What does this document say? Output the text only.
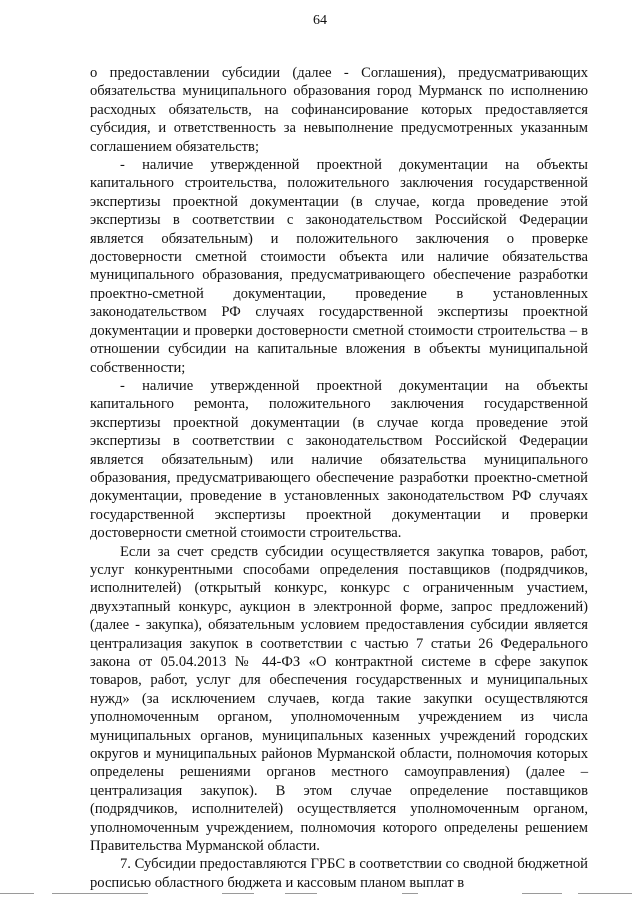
64

о предоставлении субсидии (далее - Соглашения), предусматривающих обязательства муниципального образования город Мурманск по исполнению расходных обязательств, на софинансирование которых предоставляется субсидия, и ответственность за невыполнение предусмотренных указанным соглашением обязательств;

- наличие утвержденной проектной документации на объекты капитального строительства, положительного заключения государственной экспертизы проектной документации (в случае, когда проведение этой экспертизы в соответствии с законодательством Российской Федерации является обязательным) и положительного заключения о проверке достоверности сметной стоимости объекта или наличие обязательства муниципального образования, предусматривающего обеспечение разработки проектно-сметной документации, проведение в установленных законодательством РФ случаях государственной экспертизы проектной документации и проверки достоверности сметной стоимости строительства – в отношении субсидии на капитальные вложения в объекты муниципальной собственности;

- наличие утвержденной проектной документации на объекты капитального ремонта, положительного заключения государственной экспертизы проектной документации (в случае когда проведение этой экспертизы в соответствии с законодательством Российской Федерации является обязательным) или наличие обязательства муниципального образования, предусматривающего обеспечение разработки проектно-сметной документации, проведение в установленных законодательством РФ случаях государственной экспертизы проектной документации и проверки достоверности сметной стоимости строительства.

Если за счет средств субсидии осуществляется закупка товаров, работ, услуг конкурентными способами определения поставщиков (подрядчиков, исполнителей) (открытый конкурс, конкурс с ограниченным участием, двухэтапный конкурс, аукцион в электронной форме, запрос предложений) (далее - закупка), обязательным условием предоставления субсидии является централизация закупок в соответствии с частью 7 статьи 26 Федерального закона от 05.04.2013 № 44-ФЗ «О контрактной системе в сфере закупок товаров, работ, услуг для обеспечения государственных и муниципальных нужд» (за исключением случаев, когда такие закупки осуществляются уполномоченным органом, уполномоченным учреждением из числа муниципальных органов, муниципальных казенных учреждений городских округов и муниципальных районов Мурманской области, полномочия которых определены решениями органов местного самоуправления) (далее – централизация закупок). В этом случае определение поставщиков (подрядчиков, исполнителей) осуществляется уполномоченным органом, уполномоченным учреждением, полномочия которого определены решением Правительства Мурманской области.

7. Субсидии предоставляются ГРБС в соответствии со сводной бюджетной росписью областного бюджета и кассовым планом выплат в
